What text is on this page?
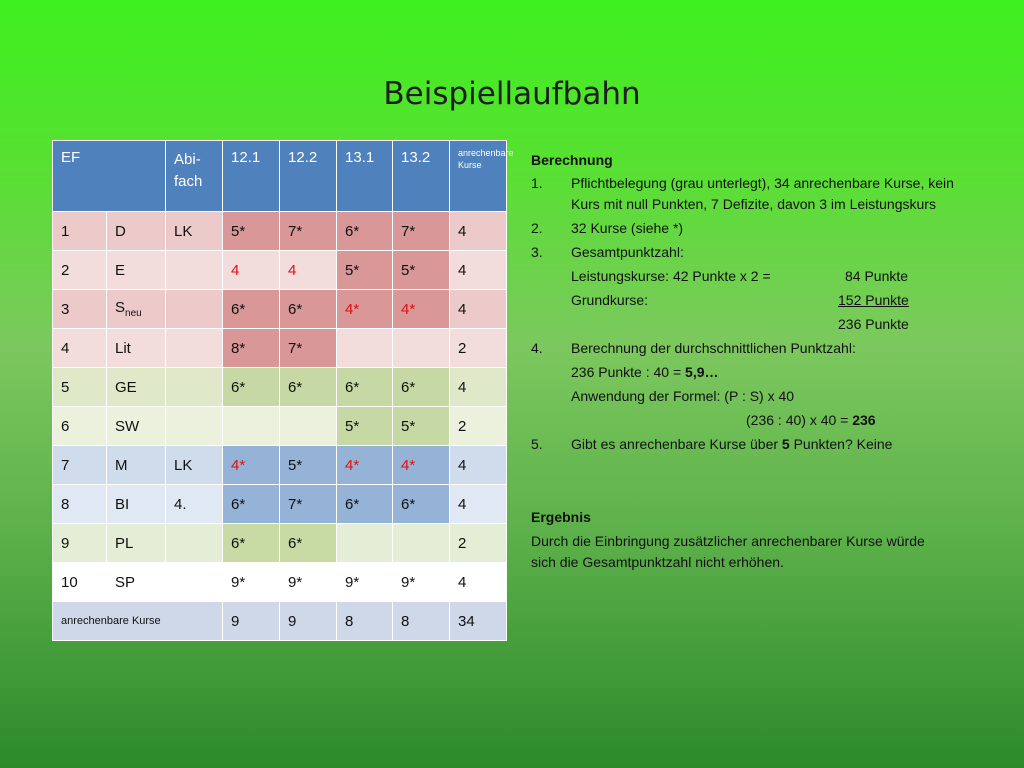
Beispiellaufbahn
EF		Abi-fach	12.1	12.2	13.1	13.2	anrechenbare Kurse
1	D	LK	5*	7*	6*	7*	4
2	E		4	4	5*	5*	4
3	$S_{neu}$		6*	6*	4*	4*	4
4	Lit		8*	7*			2
5	GE		6*	6*	6*	6*	4
6	SW				5*	5*	2
7	M	LK	4*	5*	4*	4*	4
8	BI	4.	6*	7*	6*	6*	4
9	PL		6*	6*			2
10	SP		9*	9*	9*	9*	4
anrechenbare Kurse			9	9	8	8	34
Berechnung
1.	Pflichtbelegung (grau unterlegt), 34 anrechenbare Kurse, kein Kurs mit null Punkten, 7 Defizite, davon 3 im Leistungskurs
2.	32 Kurse (siehe *)
3.	Gesamtpunktzahl:
Leistungskurse: 42 Punkte x 2 =	84 Punkte
Grundkurse:	152 Punkte
236 Punkte
4.	Berechnung der durchschnittlichen Punktzahl:
236 Punkte : 40 = 5,9…
Anwendung der Formel: (P : S) x 40
(236 : 40) x 40 = 236
5.	Gibt es anrechenbare Kurse über 5 Punkten? Keine
Ergebnis
Durch die Einbringung zusätzlicher anrechenbarer Kurse würde sich die Gesamtpunktzahl nicht erhöhen.
